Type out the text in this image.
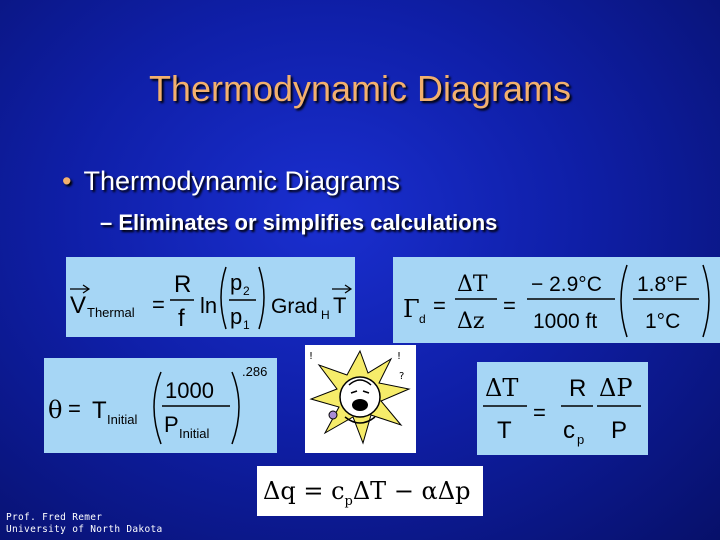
Thermodynamic Diagrams
• Thermodynamic Diagrams
– Eliminates or simplifies calculations
V Thermal =
R
f ln
p 2
p 1
Grad H T Γ d
=
ΔT
Δz
=
− 2.9°C
1000 ft
1.8°F
1°C
θ = T Initial
1000
P Initial
.286
!	!
?	ΔT
T
=
R
c p
ΔP
P
$\Delta q = c_p\Delta T - \alpha\Delta p$
Prof. Fred Remer
University of North Dakota
